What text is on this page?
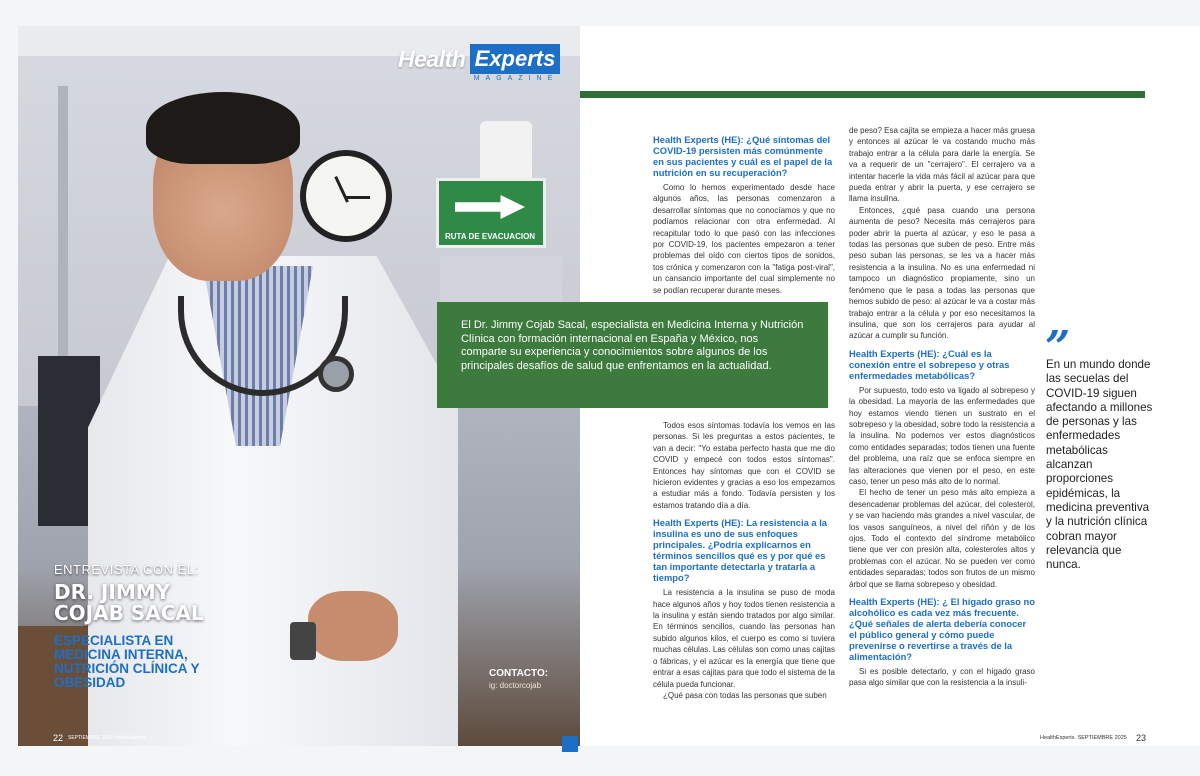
RUTA DE EVACUACION
Health Experts
MAGAZINE
ENTREVISTA CON EL:
DR. JIMMY COJAB SACAL
ESPECIALISTA EN MEDICINA INTERNA, NUTRICIÓN CLÍNICA Y OBESIDAD
CONTACTO:
ig: doctorcojab
22 SEPTIEMBRE 2025 HealthExperts
Health Experts (HE): ¿Qué síntomas del COVID-19 persisten más comúnmente en sus pacientes y cuál es el papel de la nutrición en su recuperación?

Como lo hemos experimentado desde hace algunos años, las personas comenzaron a desarrollar síntomas que no conocíamos y que no podíamos relacionar con otra enfermedad. Al recapitular todo lo que pasó con las infecciones por COVID-19, los pacientes empezaron a tener problemas del oído con ciertos tipos de sonidos, tos crónica y comenzaron con la "fatiga post-viral", un cansancio importante del cual simplemente no se podían recuperar durante meses.

Todos esos síntomas todavía los vemos en las personas. Si les preguntas a estos pacientes, te van a decir: "Yo estaba perfecto hasta que me dio COVID y empecé con todos estos síntomas". Entonces hay síntomas que con el COVID se hicieron evidentes y gracias a eso los empezamos a estudiar más a fondo. Todavía persisten y los estamos tratando día a día.

Health Experts (HE): La resistencia a la insulina es uno de sus enfoques principales. ¿Podría explicarnos en términos sencillos qué es y por qué es tan importante detectarla y tratarla a tiempo?

La resistencia a la insulina se puso de moda hace algunos años y hoy todos tienen resistencia a la insulina y están siendo tratados por algo similar. En términos sencillos, cuando las personas han subido algunos kilos, el cuerpo es como si tuviera muchas células. Las células son como unas cajitas o fábricas, y el azúcar es la energía que tiene que entrar a esas cajitas para que todo el sistema de la célula pueda funcionar.

¿Qué pasa con todas las personas que suben

de peso? Esa cajita se empieza a hacer más gruesa y entonces al azúcar le va costando mucho más trabajo entrar a la célula para darle la energía. Se va a requerir de un "cerrajero". El cerrajero va a intentar hacerle la vida más fácil al azúcar para que pueda entrar y abrir la puerta, y ese cerrajero se llama insulina.

Entonces, ¿qué pasa cuando una persona aumenta de peso? Necesita más cerrajeros para poder abrir la puerta al azúcar, y eso le pasa a todas las personas que suben de peso. Entre más peso suban las personas, se les va a hacer más resistencia a la insulina. No es una enfermedad ni tampoco un diagnóstico propiamente, sino un fenómeno que le pasa a todas las personas que hemos subido de peso: al azúcar le va a costar más trabajo entrar a la célula y por eso necesitamos la insulina, que son los cerrajeros para ayudar al azúcar a cumplir su función.

Health Experts (HE): ¿Cuál es la conexión entre el sobrepeso y otras enfermedades metabólicas?

Por supuesto, todo esto va ligado al sobrepeso y la obesidad. La mayoría de las enfermedades que hoy estamos viendo tienen un sustrato en el sobrepeso y la obesidad, sobre todo la resistencia a la insulina. No podemos ver estos diagnósticos como entidades separadas; todos tienen una fuente del problema, una raíz que se enfoca siempre en las alteraciones que vienen por el peso, en este caso, tener un peso más alto de lo normal.

El hecho de tener un peso más alto empieza a desencadenar problemas del azúcar, del colesterol, y se van haciendo más grandes a nivel vascular, de los vasos sanguíneos, a nivel del riñón y de los ojos. Todo el contexto del síndrome metabólico tiene que ver con presión alta, colesteroles altos y problemas con el azúcar. No se pueden ver como entidades separadas; todos son frutos de un mismo árbol que se llama sobrepeso y obesidad.

Health Experts (HE): ¿ El hígado graso no alcohólico es cada vez más frecuente. ¿Qué señales de alerta debería conocer el público general y cómo puede prevenirse o revertirse a través de la alimentación?

Si es posible detectarlo, y con el hígado graso pasa algo similar que con la resistencia a la insuli-

El Dr. Jimmy Cojab Sacal, especialista en Medicina Interna y Nutrición Clínica con formación internacional en España y México, nos comparte su experiencia y conocimientos sobre algunos de los principales desafíos de salud que enfrentamos en la actualidad.	”
En un mundo donde las secuelas del COVID-19 siguen afectando a millones de personas y las enfermedades metabólicas alcanzan proporciones epidémicas, la medicina preventiva y la nutrición clínica cobran mayor relevancia que nunca.
HealthExperts. SEPTIEMBRE 2025 23
